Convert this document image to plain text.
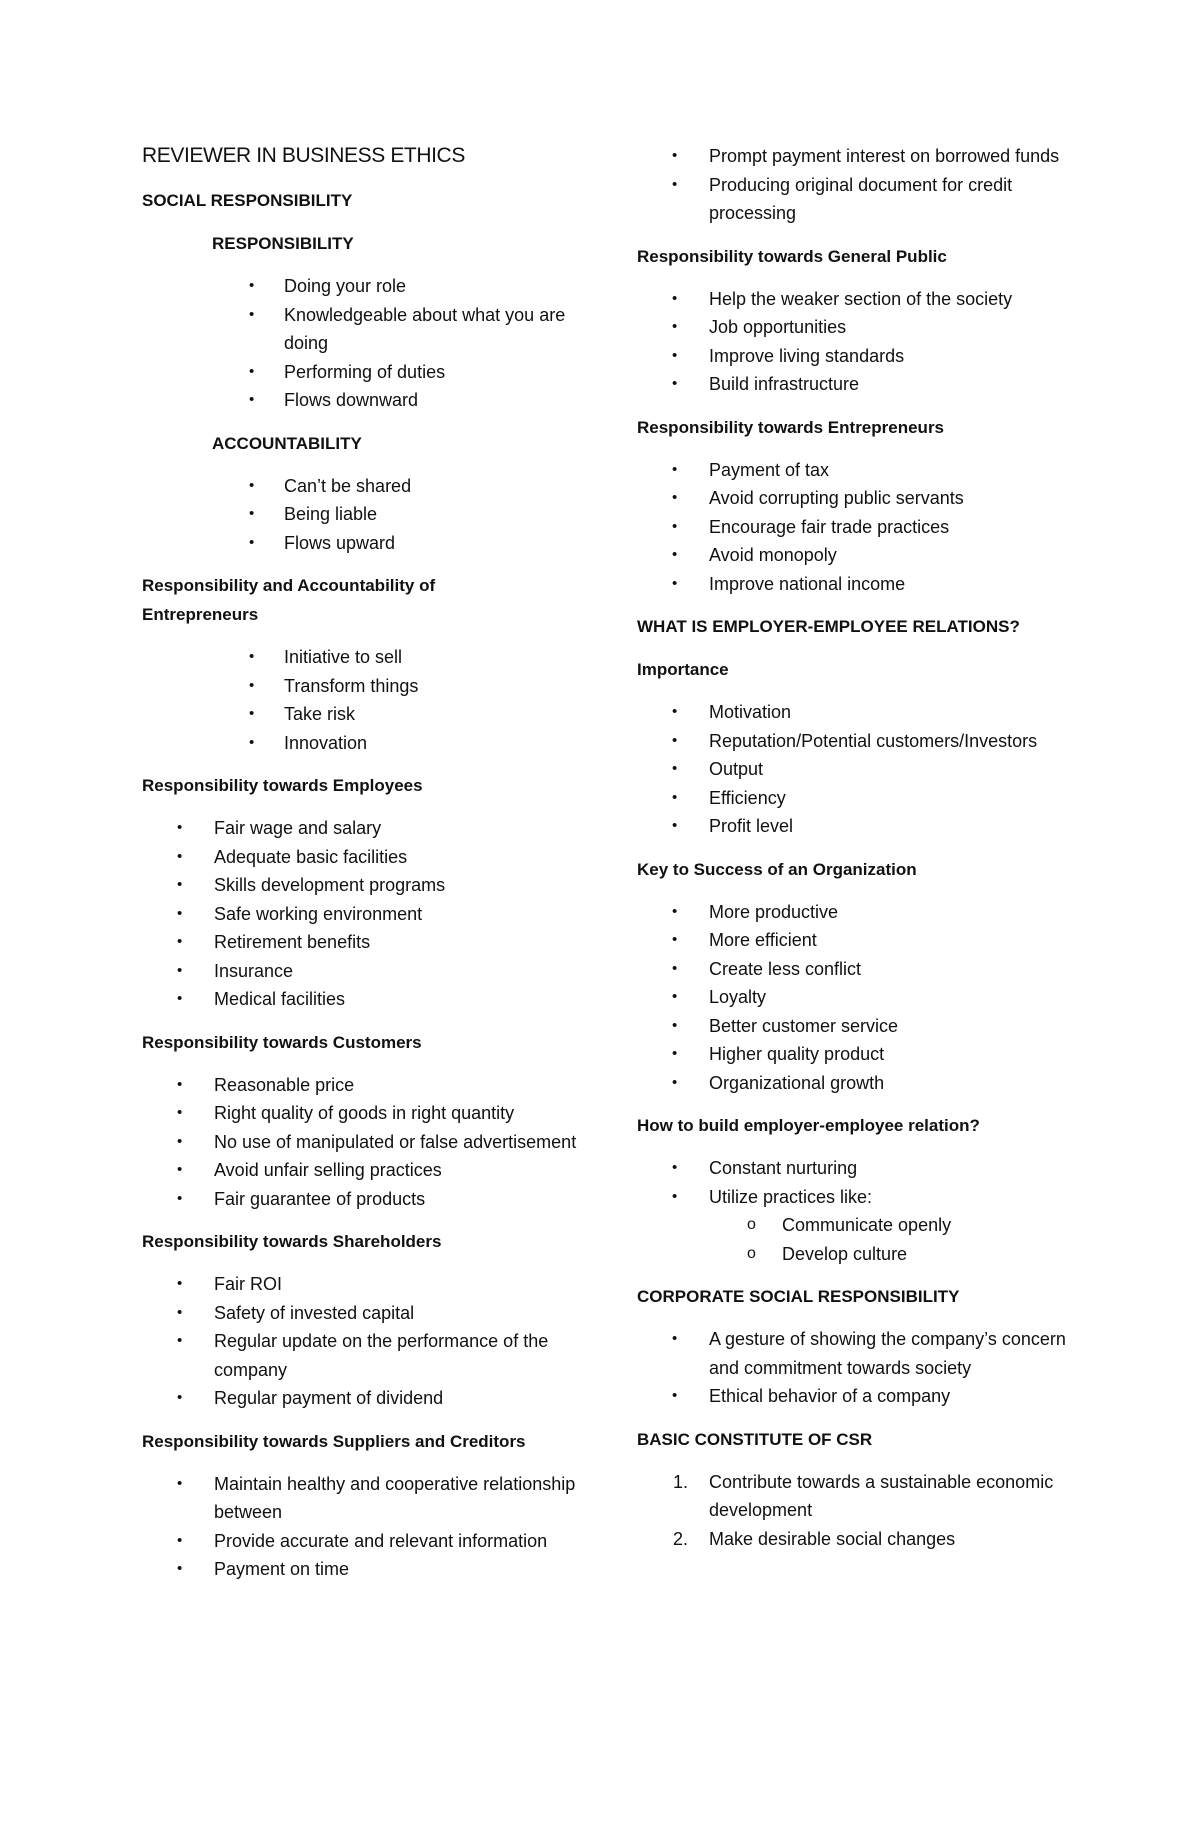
REVIEWER IN BUSINESS ETHICS
SOCIAL RESPONSIBILITY
RESPONSIBILITY
• Doing your role
• Knowledgeable about what you are doing
• Performing of duties
• Flows downward
ACCOUNTABILITY
• Can’t be shared
• Being liable
• Flows upward
Responsibility and Accountability of Entrepreneurs
• Initiative to sell
• Transform things
• Take risk
• Innovation
Responsibility towards Employees
• Fair wage and salary
• Adequate basic facilities
• Skills development programs
• Safe working environment
• Retirement benefits
• Insurance
• Medical facilities
Responsibility towards Customers
• Reasonable price
• Right quality of goods in right quantity
• No use of manipulated or false advertisement
• Avoid unfair selling practices
• Fair guarantee of products
Responsibility towards Shareholders
• Fair ROI
• Safety of invested capital
• Regular update on the performance of the company
• Regular payment of dividend
Responsibility towards Suppliers and Creditors
• Maintain healthy and cooperative relationship between
• Provide accurate and relevant information
• Payment on time
• Prompt payment interest on borrowed funds
• Producing original document for credit processing
Responsibility towards General Public
• Help the weaker section of the society
• Job opportunities
• Improve living standards
• Build infrastructure
Responsibility towards Entrepreneurs
• Payment of tax
• Avoid corrupting public servants
• Encourage fair trade practices
• Avoid monopoly
• Improve national income
WHAT IS EMPLOYER-EMPLOYEE RELATIONS?
Importance
• Motivation
• Reputation/Potential customers/Investors
• Output
• Efficiency
• Profit level
Key to Success of an Organization
• More productive
• More efficient
• Create less conflict
• Loyalty
• Better customer service
• Higher quality product
• Organizational growth
How to build employer-employee relation?
• Constant nurturing
• Utilize practices like:
o Communicate openly
o Develop culture
CORPORATE SOCIAL RESPONSIBILITY
• A gesture of showing the company’s concern and commitment towards society
• Ethical behavior of a company
BASIC CONSTITUTE OF CSR
1. Contribute towards a sustainable economic development
2. Make desirable social changes
